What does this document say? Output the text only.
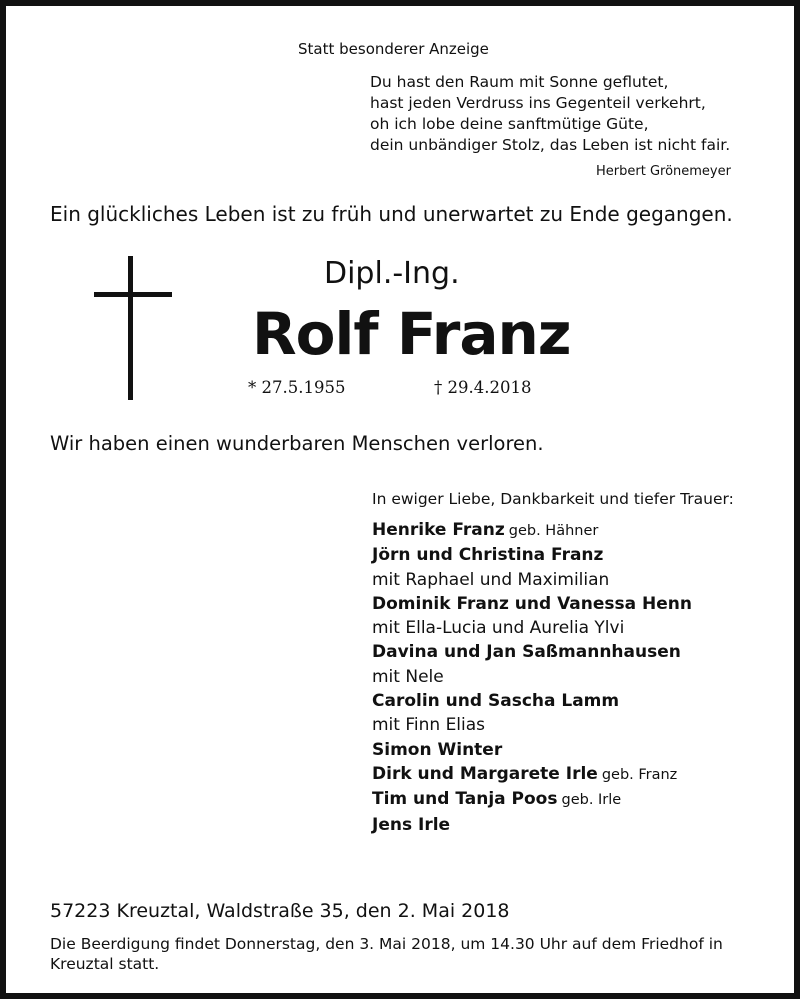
Statt besonderer Anzeige
Du hast den Raum mit Sonne geflutet,
hast jeden Verdruss ins Gegenteil verkehrt,
oh ich lobe deine sanftmütige Güte,
dein unbändiger Stolz, das Leben ist nicht fair.
Herbert Grönemeyer
Ein glückliches Leben ist zu früh und unerwartet zu Ende gegangen.
Dipl.-Ing.
Rolf Franz
* 27.5.1955	† 29.4.2018
Wir haben einen wunderbaren Menschen verloren.
In ewiger Liebe, Dankbarkeit und tiefer Trauer:
Henrike Franz geb. Hähner
Jörn und Christina Franz
mit Raphael und Maximilian
Dominik Franz und Vanessa Henn
mit Ella-Lucia und Aurelia Ylvi
Davina und Jan Saßmannhausen
mit Nele
Carolin und Sascha Lamm
mit Finn Elias
Simon Winter
Dirk und Margarete Irle geb. Franz
Tim und Tanja Poos geb. Irle
Jens Irle
57223 Kreuztal, Waldstraße 35, den 2. Mai 2018
Die Beerdigung findet Donnerstag, den 3. Mai 2018, um 14.30 Uhr auf dem Friedhof in Kreuztal statt.
